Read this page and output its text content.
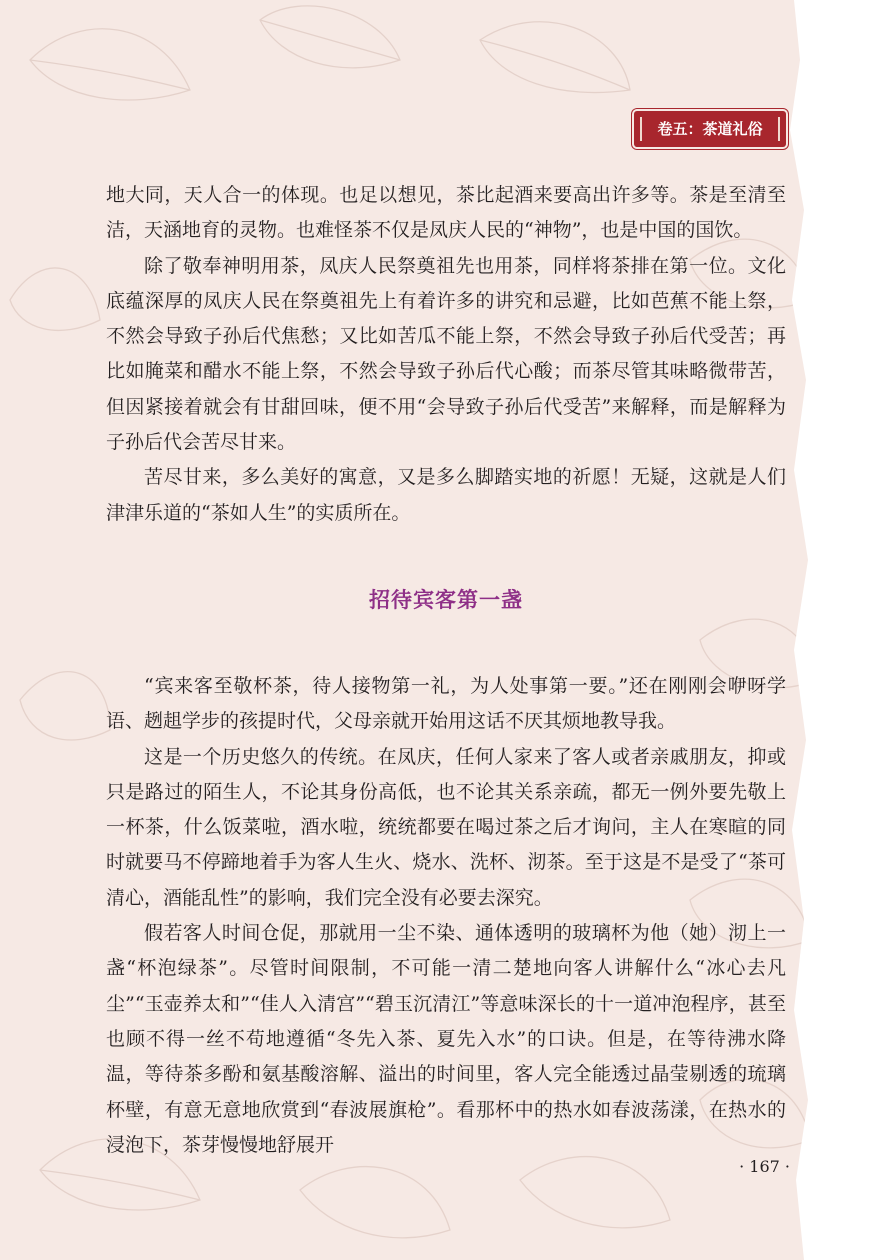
卷五：茶道礼俗

地大同，天人合一的体现。也足以想见，茶比起酒来要高出许多等。茶是至清至洁，天涵地育的灵物。也难怪茶不仅是凤庆人民的“神物”，也是中国的国饮。

除了敬奉神明用茶，凤庆人民祭奠祖先也用茶，同样将茶排在第一位。文化底蕴深厚的凤庆人民在祭奠祖先上有着许多的讲究和忌避，比如芭蕉不能上祭，不然会导致子孙后代焦愁；又比如苦瓜不能上祭，不然会导致子孙后代受苦；再比如腌菜和醋水不能上祭，不然会导致子孙后代心酸；而茶尽管其味略微带苦，但因紧接着就会有甘甜回味，便不用“会导致子孙后代受苦”来解释，而是解释为子孙后代会苦尽甘来。

苦尽甘来，多么美好的寓意，又是多么脚踏实地的祈愿！无疑，这就是人们津津乐道的“茶如人生”的实质所在。

招待宾客第一盏

“宾来客至敬杯茶，待人接物第一礼，为人处事第一要。”还在刚刚会咿呀学语、趔趄学步的孩提时代，父母亲就开始用这话不厌其烦地教导我。

这是一个历史悠久的传统。在凤庆，任何人家来了客人或者亲戚朋友，抑或只是路过的陌生人，不论其身份高低，也不论其关系亲疏，都无一例外要先敬上一杯茶，什么饭菜啦，酒水啦，统统都要在喝过茶之后才询问，主人在寒暄的同时就要马不停蹄地着手为客人生火、烧水、洗杯、沏茶。至于这是不是受了“茶可清心，酒能乱性”的影响，我们完全没有必要去深究。

假若客人时间仓促，那就用一尘不染、通体透明的玻璃杯为他（她）沏上一盏“杯泡绿茶”。尽管时间限制，不可能一清二楚地向客人讲解什么“冰心去凡尘”“玉壶养太和”“佳人入清宫”“碧玉沉清江”等意味深长的十一道冲泡程序，甚至也顾不得一丝不苟地遵循“冬先入茶、夏先入水”的口诀。但是，在等待沸水降温，等待茶多酚和氨基酸溶解、溢出的时间里，客人完全能透过晶莹剔透的琉璃杯壁，有意无意地欣赏到“春波展旗枪”。看那杯中的热水如春波荡漾，在热水的浸泡下，茶芽慢慢地舒展开

· 167 ·
